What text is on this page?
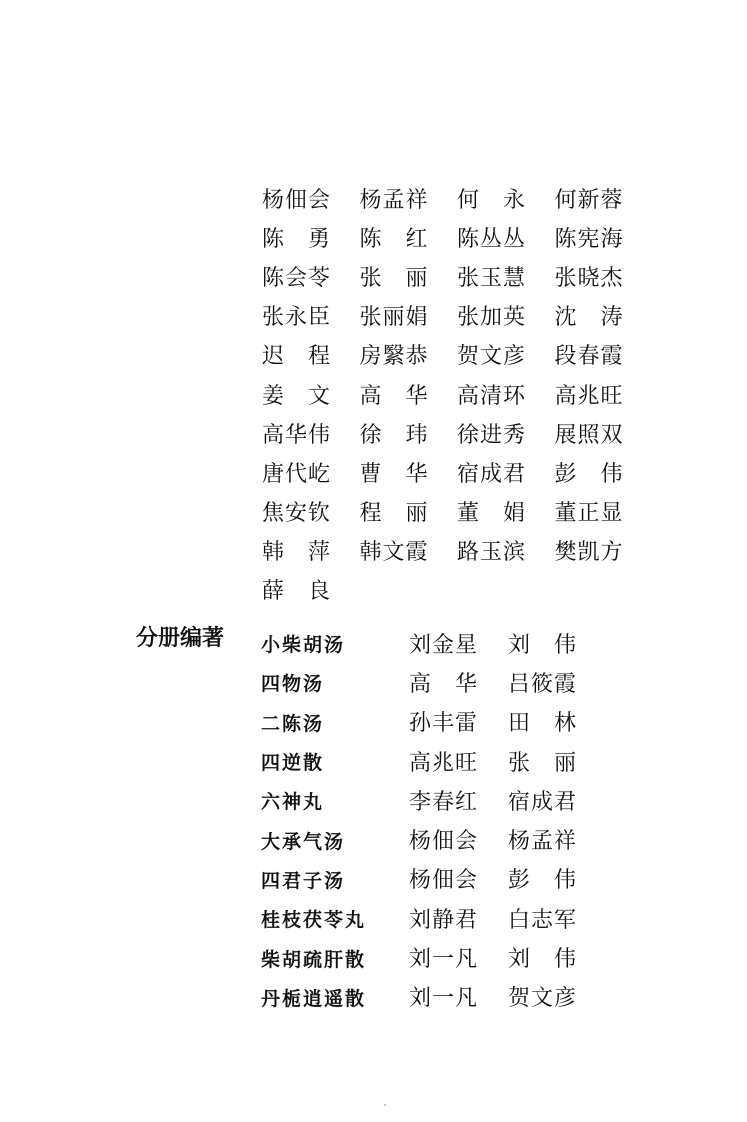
杨佃会	杨孟祥	何　永	何新蓉
陈　勇	陈　红	陈丛丛	陈宪海
陈会苓	张　丽	张玉慧	张晓杰
张永臣	张丽娟	张加英	沈　涛
迟　程	房繄恭	贺文彦	段春霞
姜　文	高　华	高清环	高兆旺
高华伟	徐　玮	徐进秀	展照双
唐代屹	曹　华	宿成君	彭　伟
焦安钦	程　丽	董　娟	董正显
韩　萍	韩文霞	路玉滨	樊凯方
薛　良
分册编著 小柴胡汤	刘金星	刘　伟
四物汤	高　华	吕筱霞
二陈汤	孙丰雷	田　林
四逆散	高兆旺	张　丽
六神丸	李春红	宿成君
大承气汤	杨佃会	杨孟祥
四君子汤	杨佃会	彭　伟
桂枝茯苓丸	刘静君	白志军
柴胡疏肝散	刘一凡	刘　伟
丹栀逍遥散	刘一凡	贺文彦
